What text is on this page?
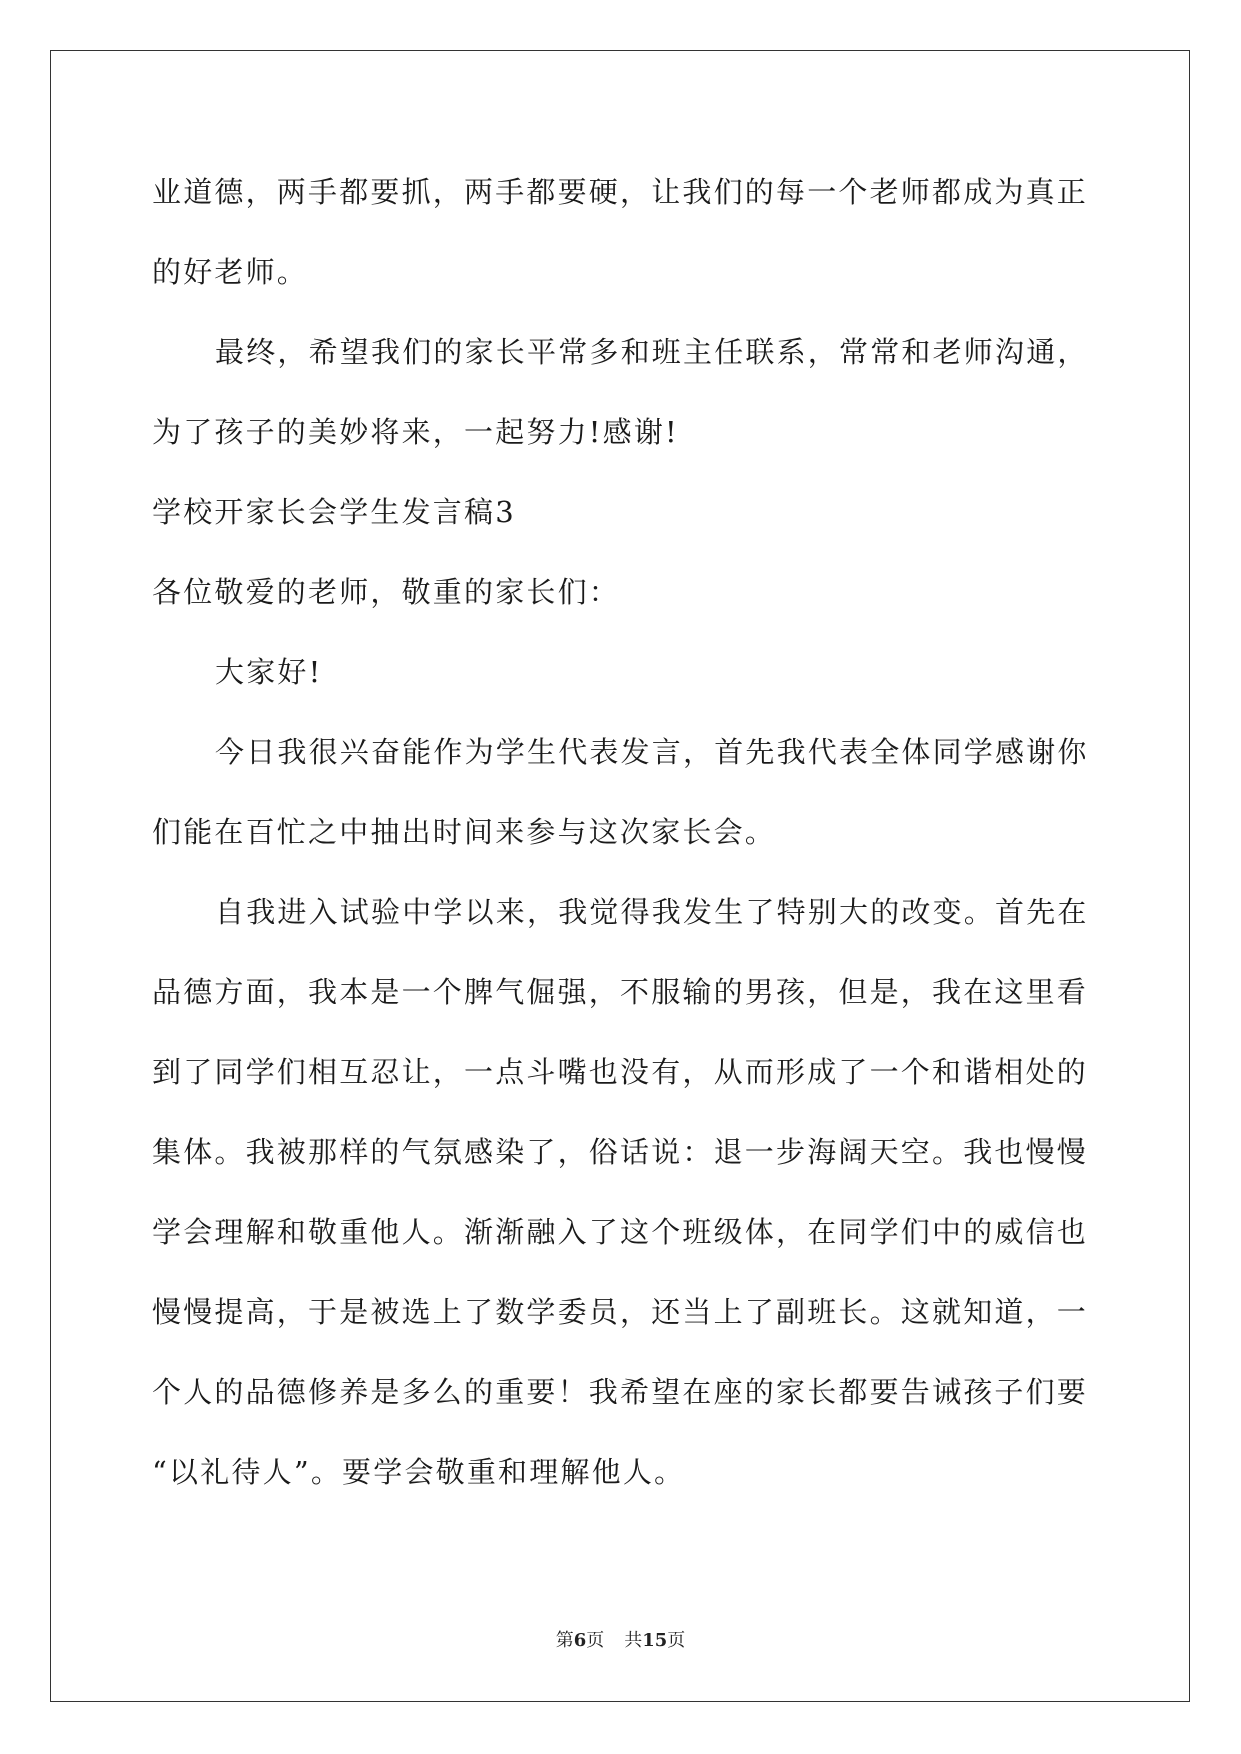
业道德，两手都要抓，两手都要硬，让我们的每一个老师都成为真正
的好老师。
最终，希望我们的家长平常多和班主任联系，常常和老师沟通，
为了孩子的美妙将来，一起努力!感谢!
学校开家长会学生发言稿3
各位敬爱的老师，敬重的家长们：
大家好!
今日我很兴奋能作为学生代表发言，首先我代表全体同学感谢你
们能在百忙之中抽出时间来参与这次家长会。
自我进入试验中学以来，我觉得我发生了特别大的改变。首先在
品德方面，我本是一个脾气倔强，不服输的男孩，但是，我在这里看
到了同学们相互忍让，一点斗嘴也没有，从而形成了一个和谐相处的
集体。我被那样的气氛感染了，俗话说：退一步海阔天空。我也慢慢
学会理解和敬重他人。渐渐融入了这个班级体，在同学们中的威信也
慢慢提高，于是被选上了数学委员，还当上了副班长。这就知道，一
个人的品德修养是多么的重要！我希望在座的家长都要告诫孩子们要
“以礼待人”。要学会敬重和理解他人。
第6页 共15页
